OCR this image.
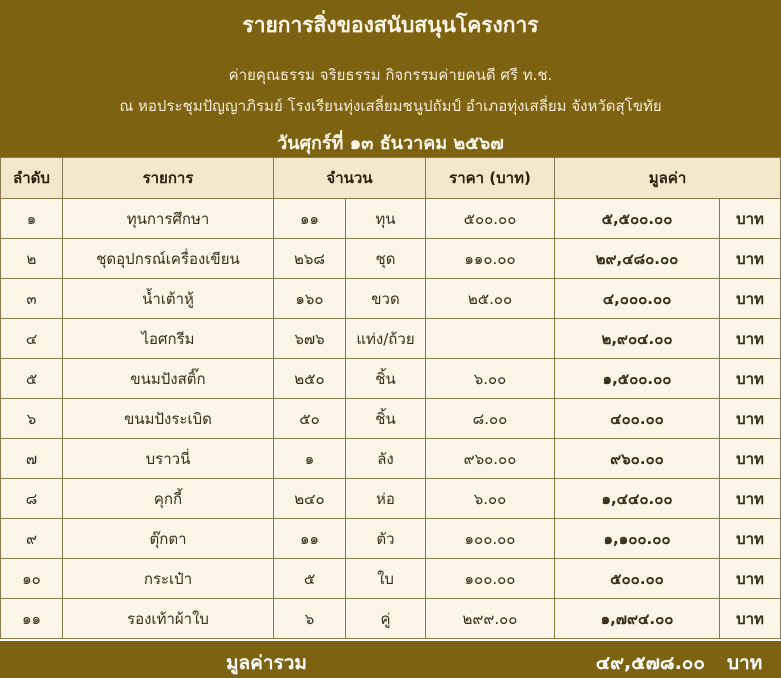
รายการสิ่งของสนับสนุนโครงการ
ค่ายคุณธรรม จริยธรรม กิจกรรมค่ายคนดี ศรี ท.ช.
ณ หอประชุมปัญญาภิรมย์ โรงเรียนทุ่งเสลี่ยมชนูปถัมป์ อำเภอทุ่งเสลี่ยม จังหวัดสุโขทัย
วันศุกร์ที่ ๑๓ ธันวาคม ๒๕๖๗
ลำดับ	รายการ	จำนวน		ราคา (บาท)	มูลค่า	
๑	ทุนการศึกษา	๑๑	ทุน	๕๐๐.๐๐	๕,๕๐๐.๐๐	บาท
๒	ชุดอุปกรณ์เครื่องเขียน	๒๖๘	ชุด	๑๑๐.๐๐	๒๙,๔๘๐.๐๐	บาท
๓	น้ำเต้าหู้	๑๖๐	ขวด	๒๕.๐๐	๔,๐๐๐.๐๐	บาท
๔	ไอศกรีม	๖๗๖	แท่ง/ถ้วย		๒,๙๐๔.๐๐	บาท
๕	ขนมปังสติ๊ก	๒๕๐	ชิ้น	๖.๐๐	๑,๕๐๐.๐๐	บาท
๖	ขนมปังระเบิด	๕๐	ชิ้น	๘.๐๐	๔๐๐.๐๐	บาท
๗	บราวนี่	๑	ลัง	๙๖๐.๐๐	๙๖๐.๐๐	บาท
๘	คุกกี้	๒๔๐	ห่อ	๖.๐๐	๑,๔๔๐.๐๐	บาท
๙	ตุ๊กตา	๑๑	ตัว	๑๐๐.๐๐	๑,๑๐๐.๐๐	บาท
๑๐	กระเป๋า	๕	ใบ	๑๐๐.๐๐	๕๐๐.๐๐	บาท
๑๑	รองเท้าผ้าใบ	๖	คู่	๒๙๙.๐๐	๑,๗๙๔.๐๐	บาท
มูลค่ารวม	๔๙,๕๗๘.๐๐ บาท
